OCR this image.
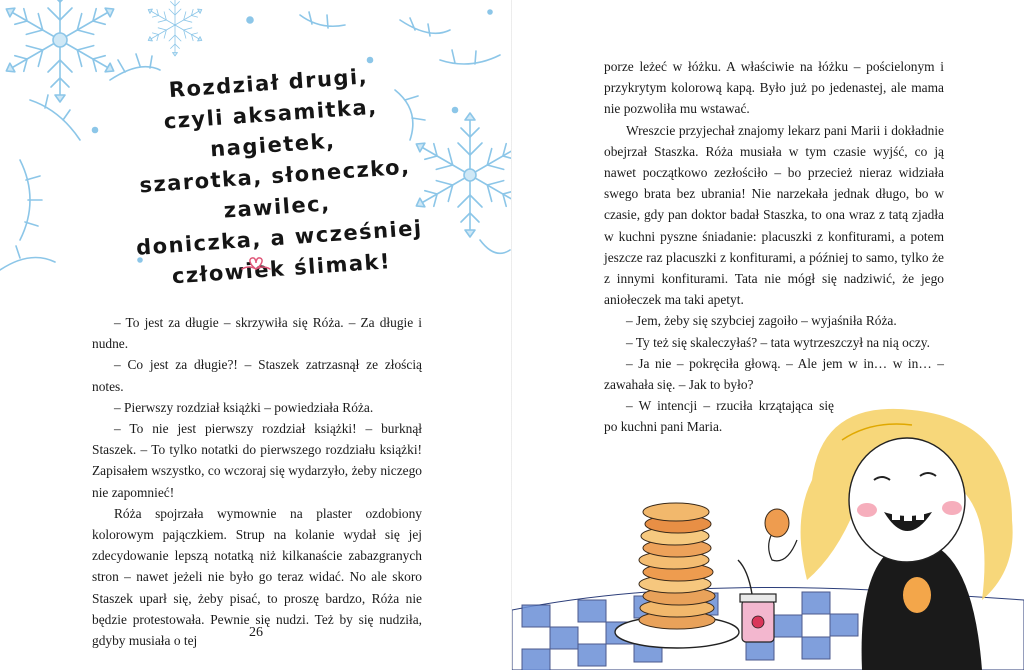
Rozdział drugi,
czyli aksamitka, nagietek,
szarotka, słoneczko, zawilec,
doniczka, a wcześniej
człowiek ślimak!

– To jest za długie – skrzywiła się Róża. – Za długie i nudne.

– Co jest za długie?! – Staszek zatrzasnął ze złością notes.

– Pierwszy rozdział książki – powiedziała Róża.

– To nie jest pierwszy rozdział książki! – burknął Staszek. – To tylko notatki do pierwszego rozdziału książki! Zapisałem wszystko, co wczoraj się wydarzyło, żeby niczego nie zapomnieć!

Róża spojrzała wymownie na plaster ozdobiony kolorowym pajączkiem. Strup na kolanie wydał się jej zdecydowanie lepszą notatką niż kilkanaście zabazgranych stron – nawet jeżeli nie było go teraz widać. No ale skoro Staszek uparł się, żeby pisać, to proszę bardzo, Róża nie będzie protestowała. Pewnie się nudzi. Też by się nudziła, gdyby musiała o tej

26

porze leżeć w łóżku. A właściwie na łóżku – pościelonym i przykrytym kolorową kapą. Było już po jedenastej, ale mama nie pozwoliła mu wstawać.

Wreszcie przyjechał znajomy lekarz pani Marii i dokładnie obejrzał Staszka. Róża musiała w tym czasie wyjść, co ją nawet początkowo zezłościło – bo przecież nieraz widziała swego brata bez ubrania! Nie narzekała jednak długo, bo w czasie, gdy pan doktor badał Staszka, to ona wraz z tatą zjadła w kuchni pyszne śniadanie: placuszki z konfiturami, a potem jeszcze raz placuszki z konfiturami, a później to samo, tylko że z innymi konfiturami. Tata nie mógł się nadziwić, że jego aniołeczek ma taki apetyt.

– Jem, żeby się szybciej zagoiło – wyjaśniła Róża.

– Ty też się skaleczyłaś? – tata wytrzeszczył na nią oczy.

– Ja nie – pokręciła głową. – Ale jem w in… w in… – zawahała się. – Jak to było?

– W intencji – rzuciła krzątająca się po kuchni pani Maria.
